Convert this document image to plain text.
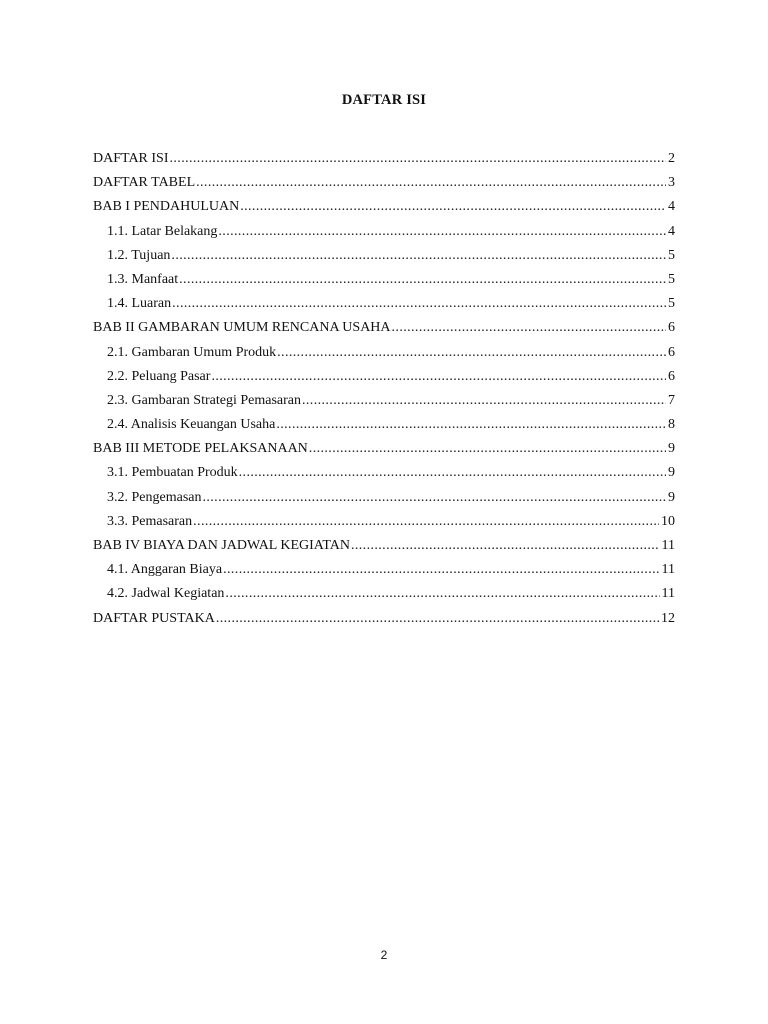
DAFTAR ISI
DAFTAR ISI .....	2
DAFTAR TABEL .....	3
BAB I PENDAHULUAN .....	4
1.1. Latar Belakang .....	4
1.2. Tujuan .....	5
1.3. Manfaat .....	5
1.4. Luaran .....	5
BAB II GAMBARAN UMUM RENCANA USAHA .....	6
2.1. Gambaran Umum Produk .....	6
2.2. Peluang Pasar .....	6
2.3. Gambaran Strategi Pemasaran .....	7
2.4. Analisis Keuangan Usaha .....	8
BAB III METODE PELAKSANAAN .....	9
3.1. Pembuatan Produk .....	9
3.2. Pengemasan .....	9
3.3. Pemasaran .....	10
BAB IV BIAYA DAN JADWAL KEGIATAN .....	11
4.1. Anggaran Biaya .....	11
4.2. Jadwal Kegiatan .....	11
DAFTAR PUSTAKA .....	12
2
